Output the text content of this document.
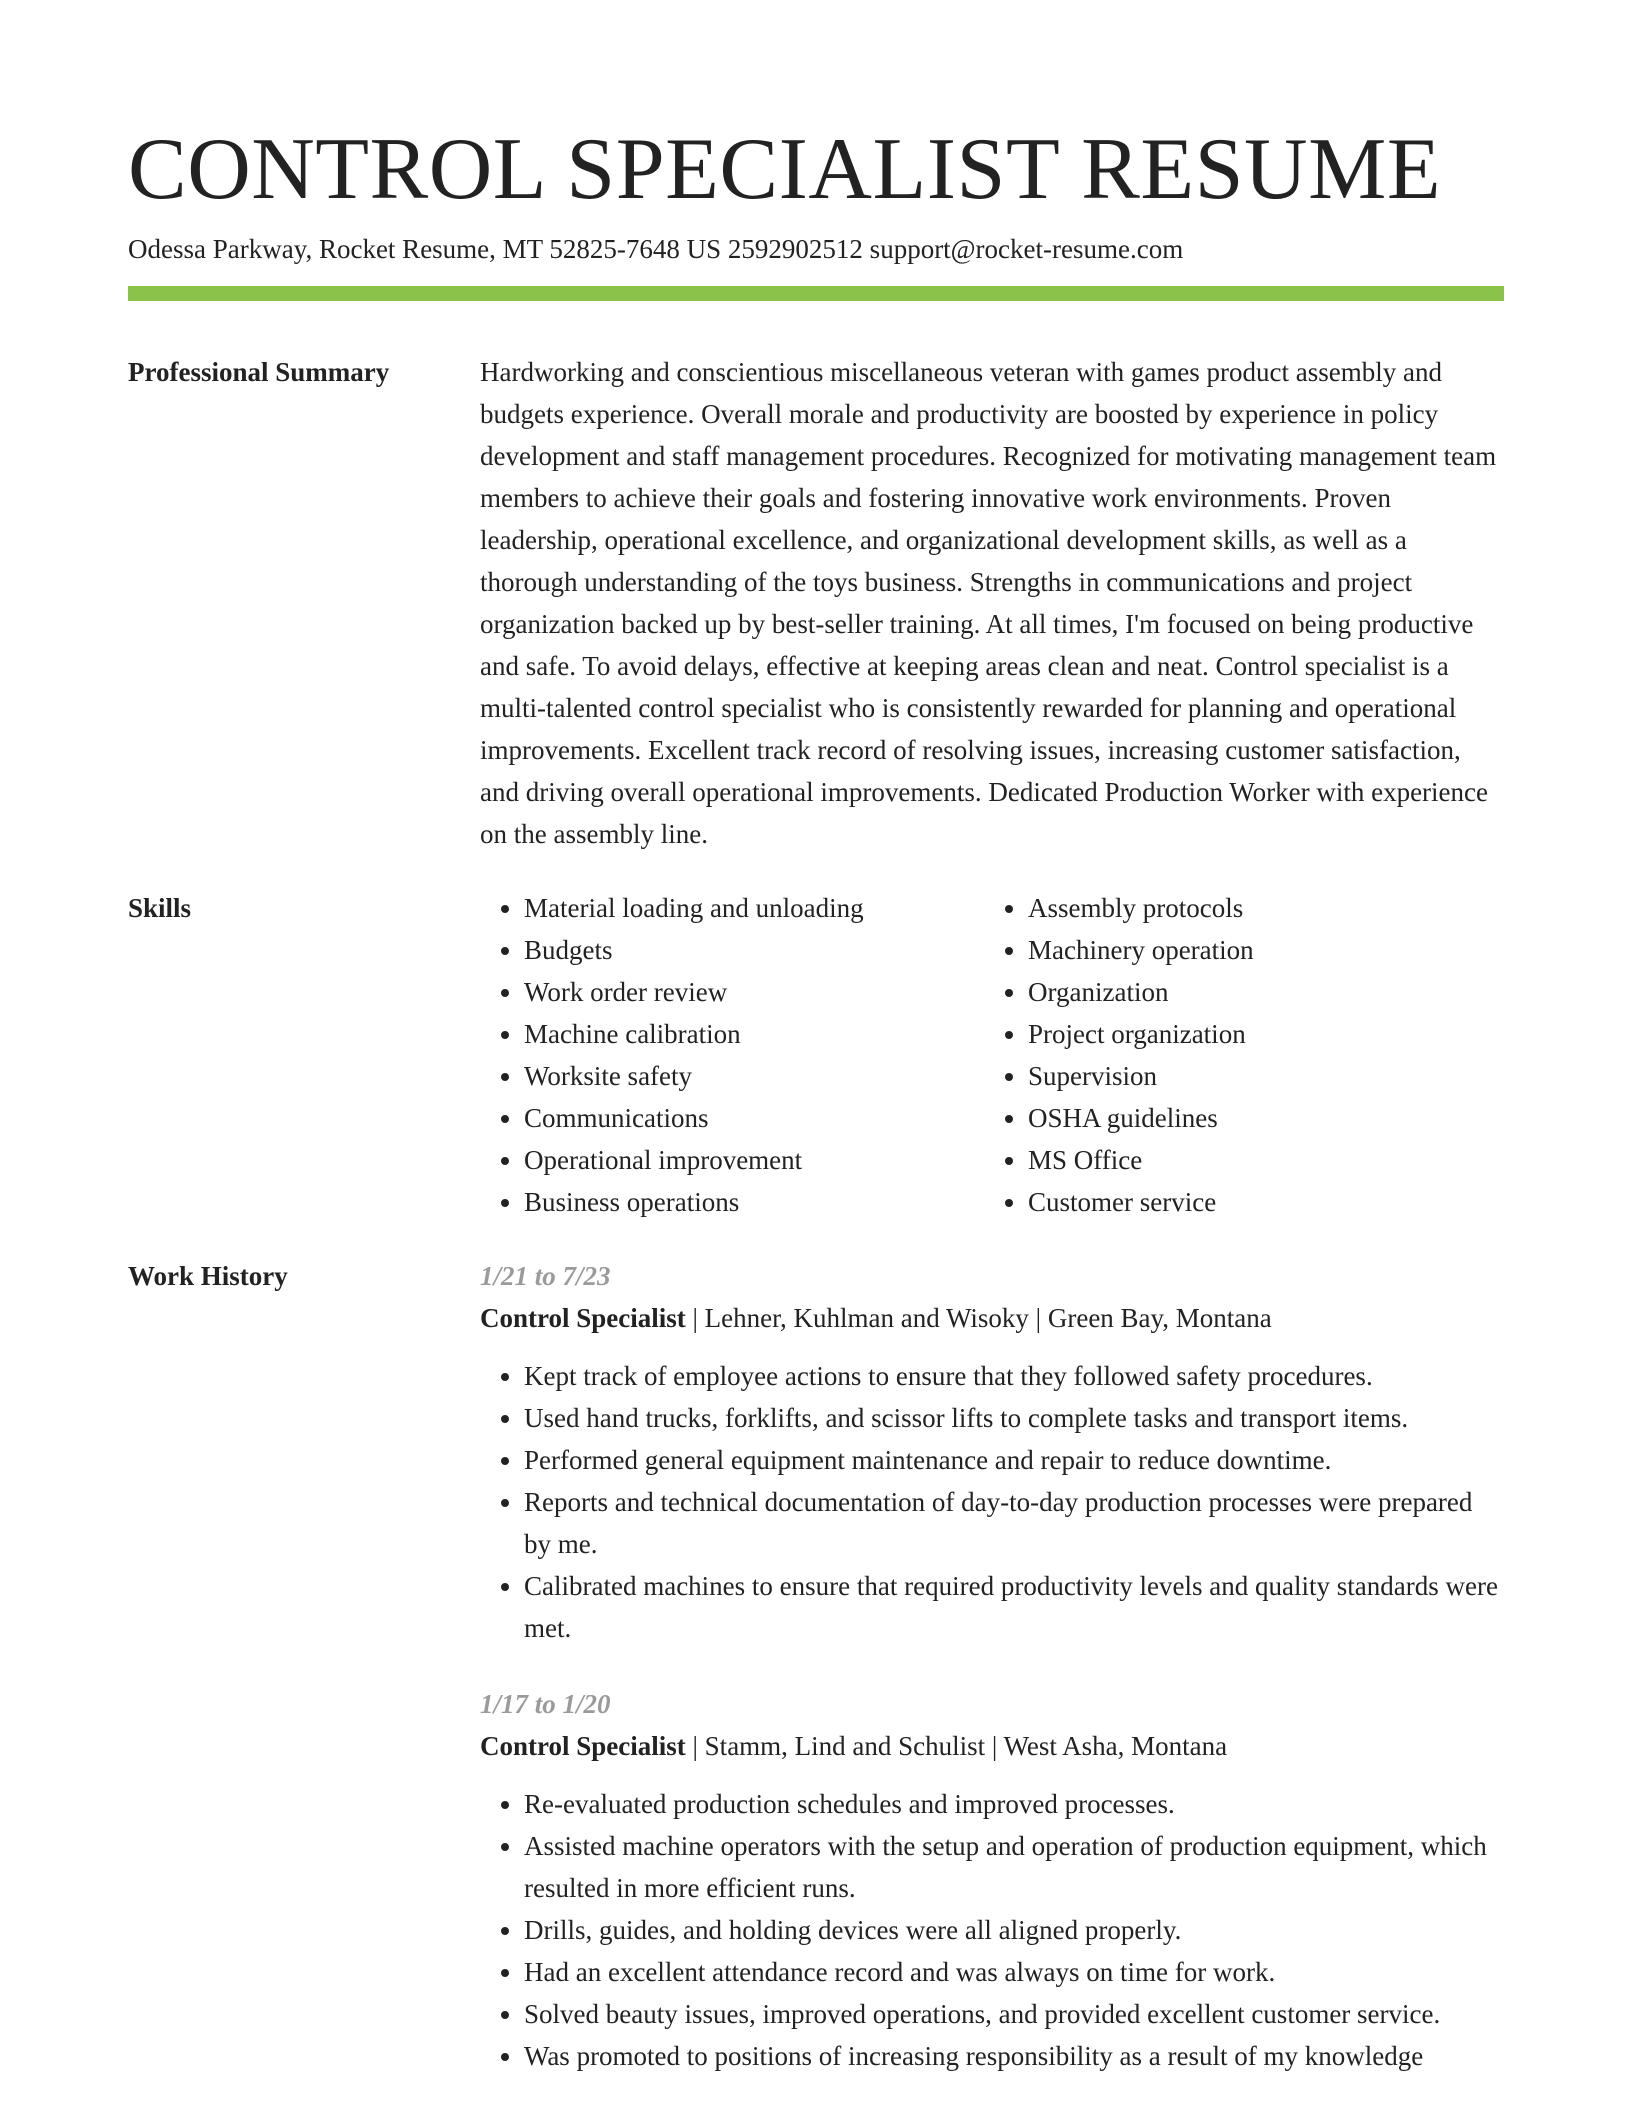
CONTROL SPECIALIST RESUME
Odessa Parkway, Rocket Resume, MT 52825-7648 US 2592902512 support@rocket-resume.com
Professional Summary	Hardworking and conscientious miscellaneous veteran with games product assembly and budgets experience. Overall morale and productivity are boosted by experience in policy development and staff management procedures. Recognized for motivating management team members to achieve their goals and fostering innovative work environments. Proven leadership, operational excellence, and organizational development skills, as well as a thorough understanding of the toys business. Strengths in communications and project organization backed up by best-seller training. At all times, I'm focused on being productive and safe. To avoid delays, effective at keeping areas clean and neat. Control specialist is a multi-talented control specialist who is consistently rewarded for planning and operational improvements. Excellent track record of resolving issues, increasing customer satisfaction, and driving overall operational improvements. Dedicated Production Worker with experience on the assembly line.

Skills
•	Material loading and unloading
• Budgets
• Work order review
• Machine calibration
• Worksite safety
• Communications
• Operational improvement
• Business operations
• Assembly protocols
• Machinery operation
• Organization
• Project organization
• Supervision
• OSHA guidelines
• MS Office
• Customer service
Work History	1/21 to 7/23

Control Specialist | Lehner, Kuhlman and Wisoky | Green Bay, Montana

• Kept track of employee actions to ensure that they followed safety procedures.
• Used hand trucks, forklifts, and scissor lifts to complete tasks and transport items.
• Performed general equipment maintenance and repair to reduce downtime.
• Reports and technical documentation of day-to-day production processes were prepared by me.
• Calibrated machines to ensure that required productivity levels and quality standards were met.

1/17 to 1/20

Control Specialist | Stamm, Lind and Schulist | West Asha, Montana

• Re-evaluated production schedules and improved processes.
• Assisted machine operators with the setup and operation of production equipment, which resulted in more efficient runs.
• Drills, guides, and holding devices were all aligned properly.
• Had an excellent attendance record and was always on time for work.
• Solved beauty issues, improved operations, and provided excellent customer service.
• Was promoted to positions of increasing responsibility as a result of my knowledge
